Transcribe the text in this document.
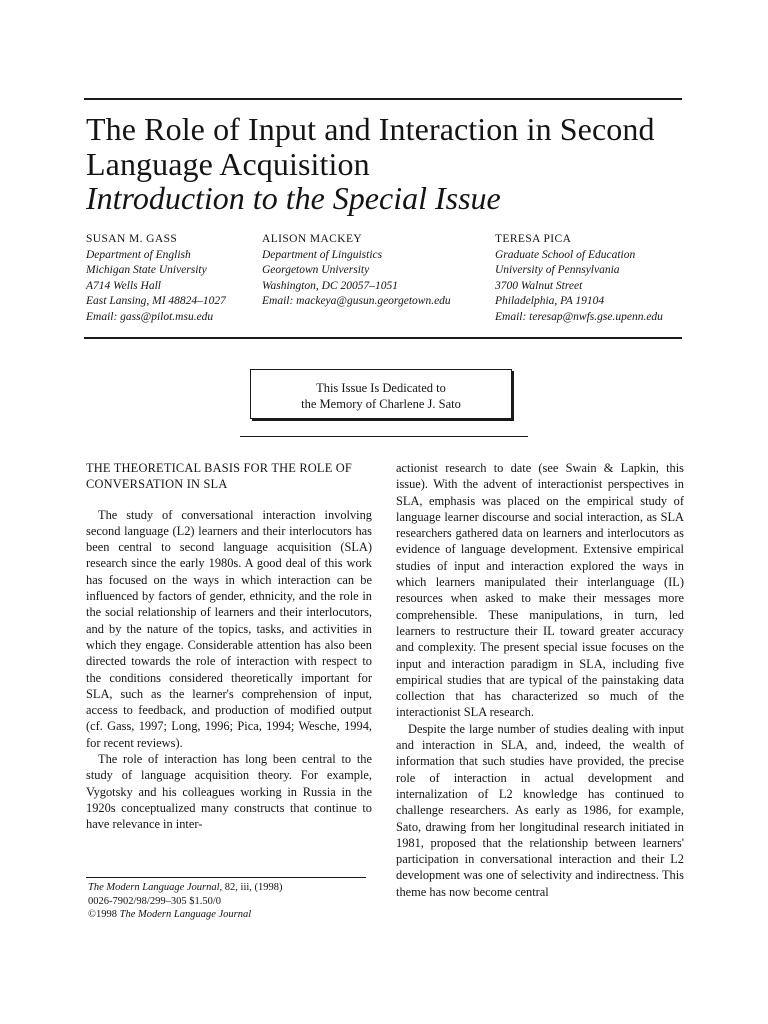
The Role of Input and Interaction in Second Language Acquisition
Introduction to the Special Issue
SUSAN M. GASS
Department of English
Michigan State University
A714 Wells Hall
East Lansing, MI 48824–1027
Email: gass@pilot.msu.edu
ALISON MACKEY
Department of Linguistics
Georgetown University
Washington, DC 20057–1051
Email: mackeya@gusun.georgetown.edu
TERESA PICA
Graduate School of Education
University of Pennsylvania
3700 Walnut Street
Philadelphia, PA 19104
Email: teresap@nwfs.gse.upenn.edu
This Issue Is Dedicated to
the Memory of Charlene J. Sato
THE THEORETICAL BASIS FOR THE ROLE OF CONVERSATION IN SLA

The study of conversational interaction involving second language (L2) learners and their interlocutors has been central to second language acquisition (SLA) research since the early 1980s. A good deal of this work has focused on the ways in which interaction can be influenced by factors of gender, ethnicity, and the role in the social relationship of learners and their interlocutors, and by the nature of the topics, tasks, and activities in which they engage. Considerable attention has also been directed towards the role of interaction with respect to the conditions considered theoretically important for SLA, such as the learner's comprehension of input, access to feedback, and production of modified output (cf. Gass, 1997; Long, 1996; Pica, 1994; Wesche, 1994, for recent reviews).

The role of interaction has long been central to the study of language acquisition theory. For example, Vygotsky and his colleagues working in Russia in the 1920s conceptualized many constructs that continue to have relevance in inter-

actionist research to date (see Swain & Lapkin, this issue). With the advent of interactionist perspectives in SLA, emphasis was placed on the empirical study of language learner discourse and social interaction, as SLA researchers gathered data on learners and interlocutors as evidence of language development. Extensive empirical studies of input and interaction explored the ways in which learners manipulated their interlanguage (IL) resources when asked to make their messages more comprehensible. These manipulations, in turn, led learners to restructure their IL toward greater accuracy and complexity. The present special issue focuses on the input and interaction paradigm in SLA, including five empirical studies that are typical of the painstaking data collection that has characterized so much of the interactionist SLA research.

Despite the large number of studies dealing with input and interaction in SLA, and, indeed, the wealth of information that such studies have provided, the precise role of interaction in actual development and internalization of L2 knowledge has continued to challenge researchers. As early as 1986, for example, Sato, drawing from her longitudinal research initiated in 1981, proposed that the relationship between learners' participation in conversational interaction and their L2 development was one of selectivity and indirectness. This theme has now become central

The Modern Language Journal, 82, iii, (1998)
0026-7902/98/299–305 $1.50/0
©1998 The Modern Language Journal
